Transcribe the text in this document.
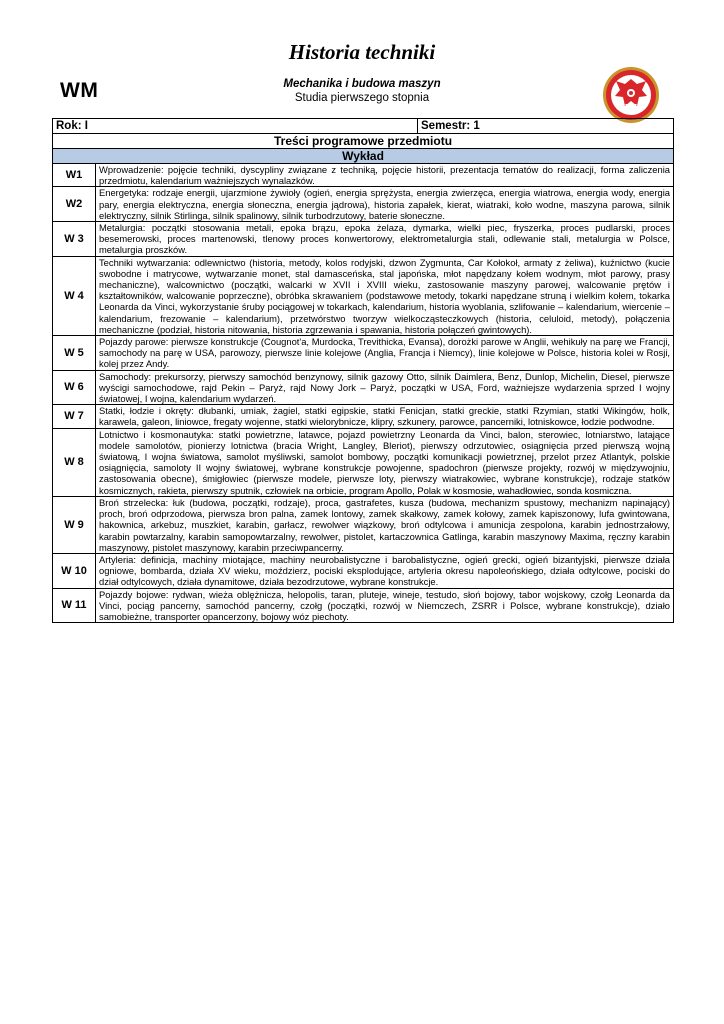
Historia techniki
WM	Mechanika i budowa maszyn
Studia pierwszego stopnia
Rok: I		Semestr: 1
Treści programowe przedmiotu		
Wykład		
W1	Wprowadzenie: pojęcie techniki, dyscypliny związane z techniką, pojęcie historii, prezentacja tematów do realizacji, forma zaliczenia przedmiotu, kalendarium ważniejszych wynalazków.	
W2	Energetyka: rodzaje energii, ujarzmione żywioły (ogień, energia sprężysta, energia zwierzęca, energia wiatrowa, energia wody, energia pary, energia elektryczna, energia słoneczna, energia jądrowa), historia zapałek, kierat, wiatraki, koło wodne, maszyna parowa, silnik elektryczny, silnik Stirlinga, silnik spalinowy, silnik turbodrzutowy, baterie słoneczne.	
W 3	Metalurgia: początki stosowania metali, epoka brązu, epoka żelaza, dymarka, wielki piec, fryszerka, proces pudlarski, proces besemerowski, proces martenowski, tlenowy proces konwertorowy, elektrometalurgia stali, odlewanie stali, metalurgia w Polsce, metalurgia proszków.	
W 4	Techniki wytwarzania: odlewnictwo (historia, metody, kolos rodyjski, dzwon Zygmunta, Car Kołokoł, armaty z żeliwa), kuźnictwo (kucie swobodne i matrycowe, wytwarzanie monet, stal damasceńska, stal japońska, młot napędzany kołem wodnym, młot parowy, prasy mechaniczne), walcownictwo (początki, walcarki w XVII i XVIII wieku, zastosowanie maszyny parowej, walcowanie prętów i kształtowników, walcowanie poprzeczne), obróbka skrawaniem (podstawowe metody, tokarki napędzane struną i wielkim kołem, tokarka Leonarda da Vinci, wykorzystanie śruby pociągowej w tokarkach, kalendarium, historia wyoblania, szlifowanie – kalendarium, wiercenie – kalendarium, frezowanie – kalendarium), przetwórstwo tworzyw wielkocząsteczkowych (historia, celuloid, metody), połączenia mechaniczne (podział, historia nitowania, historia zgrzewania i spawania, historia połączeń gwintowych).	
W 5	Pojazdy parowe: pierwsze konstrukcje (Cougnot'a, Murdocka, Trevithicka, Evansa), dorożki parowe w Anglii, wehikuły na parę we Francji, samochody na parę w USA, parowozy, pierwsze linie kolejowe (Anglia, Francja i Niemcy), linie kolejowe w Polsce, historia kolei w Rosji, kolej przez Andy.	
W 6	Samochody: prekursorzy, pierwszy samochód benzynowy, silnik gazowy Otto, silnik Daimlera, Benz, Dunlop, Michelin, Diesel, pierwsze wyścigi samochodowe, rajd Pekin – Paryż, rajd Nowy Jork – Paryż, początki w USA, Ford, ważniejsze wydarzenia sprzed I wojny światowej, I wojna, kalendarium wydarzeń.	
W 7	Statki, łodzie i okręty: dłubanki, umiak, żagiel, statki egipskie, statki Fenicjan, statki greckie, statki Rzymian, statki Wikingów, holk, karawela, galeon, liniowce, fregaty wojenne, statki wielorybnicze, klipry, szkunery, parowce, pancerniki, lotniskowce, łodzie podwodne.	
W 8	Lotnictwo i kosmonautyka: statki powietrzne, latawce, pojazd powietrzny Leonarda da Vinci, balon, sterowiec, lotniarstwo, latające modele samolotów, pionierzy lotnictwa (bracia Wright, Langley, Bleriot), pierwszy odrzutowiec, osiągnięcia przed pierwszą wojną światową, I wojna światowa, samolot myśliwski, samolot bombowy, początki komunikacji powietrznej, przelot przez Atlantyk, polskie osiągnięcia, samoloty II wojny światowej, wybrane konstrukcje powojenne, spadochron (pierwsze projekty, rozwój w międzywojniu, zastosowania obecne), śmigłowiec (pierwsze modele, pierwsze loty, pierwszy wiatrakowiec, wybrane konstrukcje), rodzaje statków kosmicznych, rakieta, pierwszy sputnik, człowiek na orbicie, program Apollo, Polak w kosmosie, wahadłowiec, sonda kosmiczna.	
W 9	Broń strzelecka: łuk (budowa, początki, rodzaje), proca, gastrafetes, kusza (budowa, mechanizm spustowy, mechanizm napinający) proch, broń odprzodowa, pierwsza bron palna, zamek lontowy, zamek skałkowy, zamek kołowy, zamek kapiszonowy, lufa gwintowana, hakownica, arkebuz, muszkiet, karabin, garłacz, rewolwer wiązkowy, broń odtylcowa i amunicja zespolona, karabin jednostrzałowy, karabin powtarzalny, karabin samopowtarzalny, rewolwer, pistolet, kartaczownica Gatlinga, karabin maszynowy Maxima, ręczny karabin maszynowy, pistolet maszynowy, karabin przeciwpancerny.	
W 10	Artyleria: definicja, machiny miotające, machiny neurobalistyczne i barobalistyczne, ogień grecki, ogień bizantyjski, pierwsze działa ogniowe, bombarda, działa XV wieku, moździerz, pociski eksplodujące, artyleria okresu napoleońskiego, działa odtylcowe, pociski do dział odtylcowych, działa dynamitowe, działa bezodrzutowe, wybrane konstrukcje.	
W 11	Pojazdy bojowe: rydwan, wieża oblężnicza, helopolis, taran, pluteje, wineje, testudo, słoń bojowy, tabor wojskowy, czołg Leonarda da Vinci, pociąg pancerny, samochód pancerny, czołg (początki, rozwój w Niemczech, ZSRR i Polsce, wybrane konstrukcje), działo samobieżne, transporter opancerzony, bojowy wóz piechoty.	
